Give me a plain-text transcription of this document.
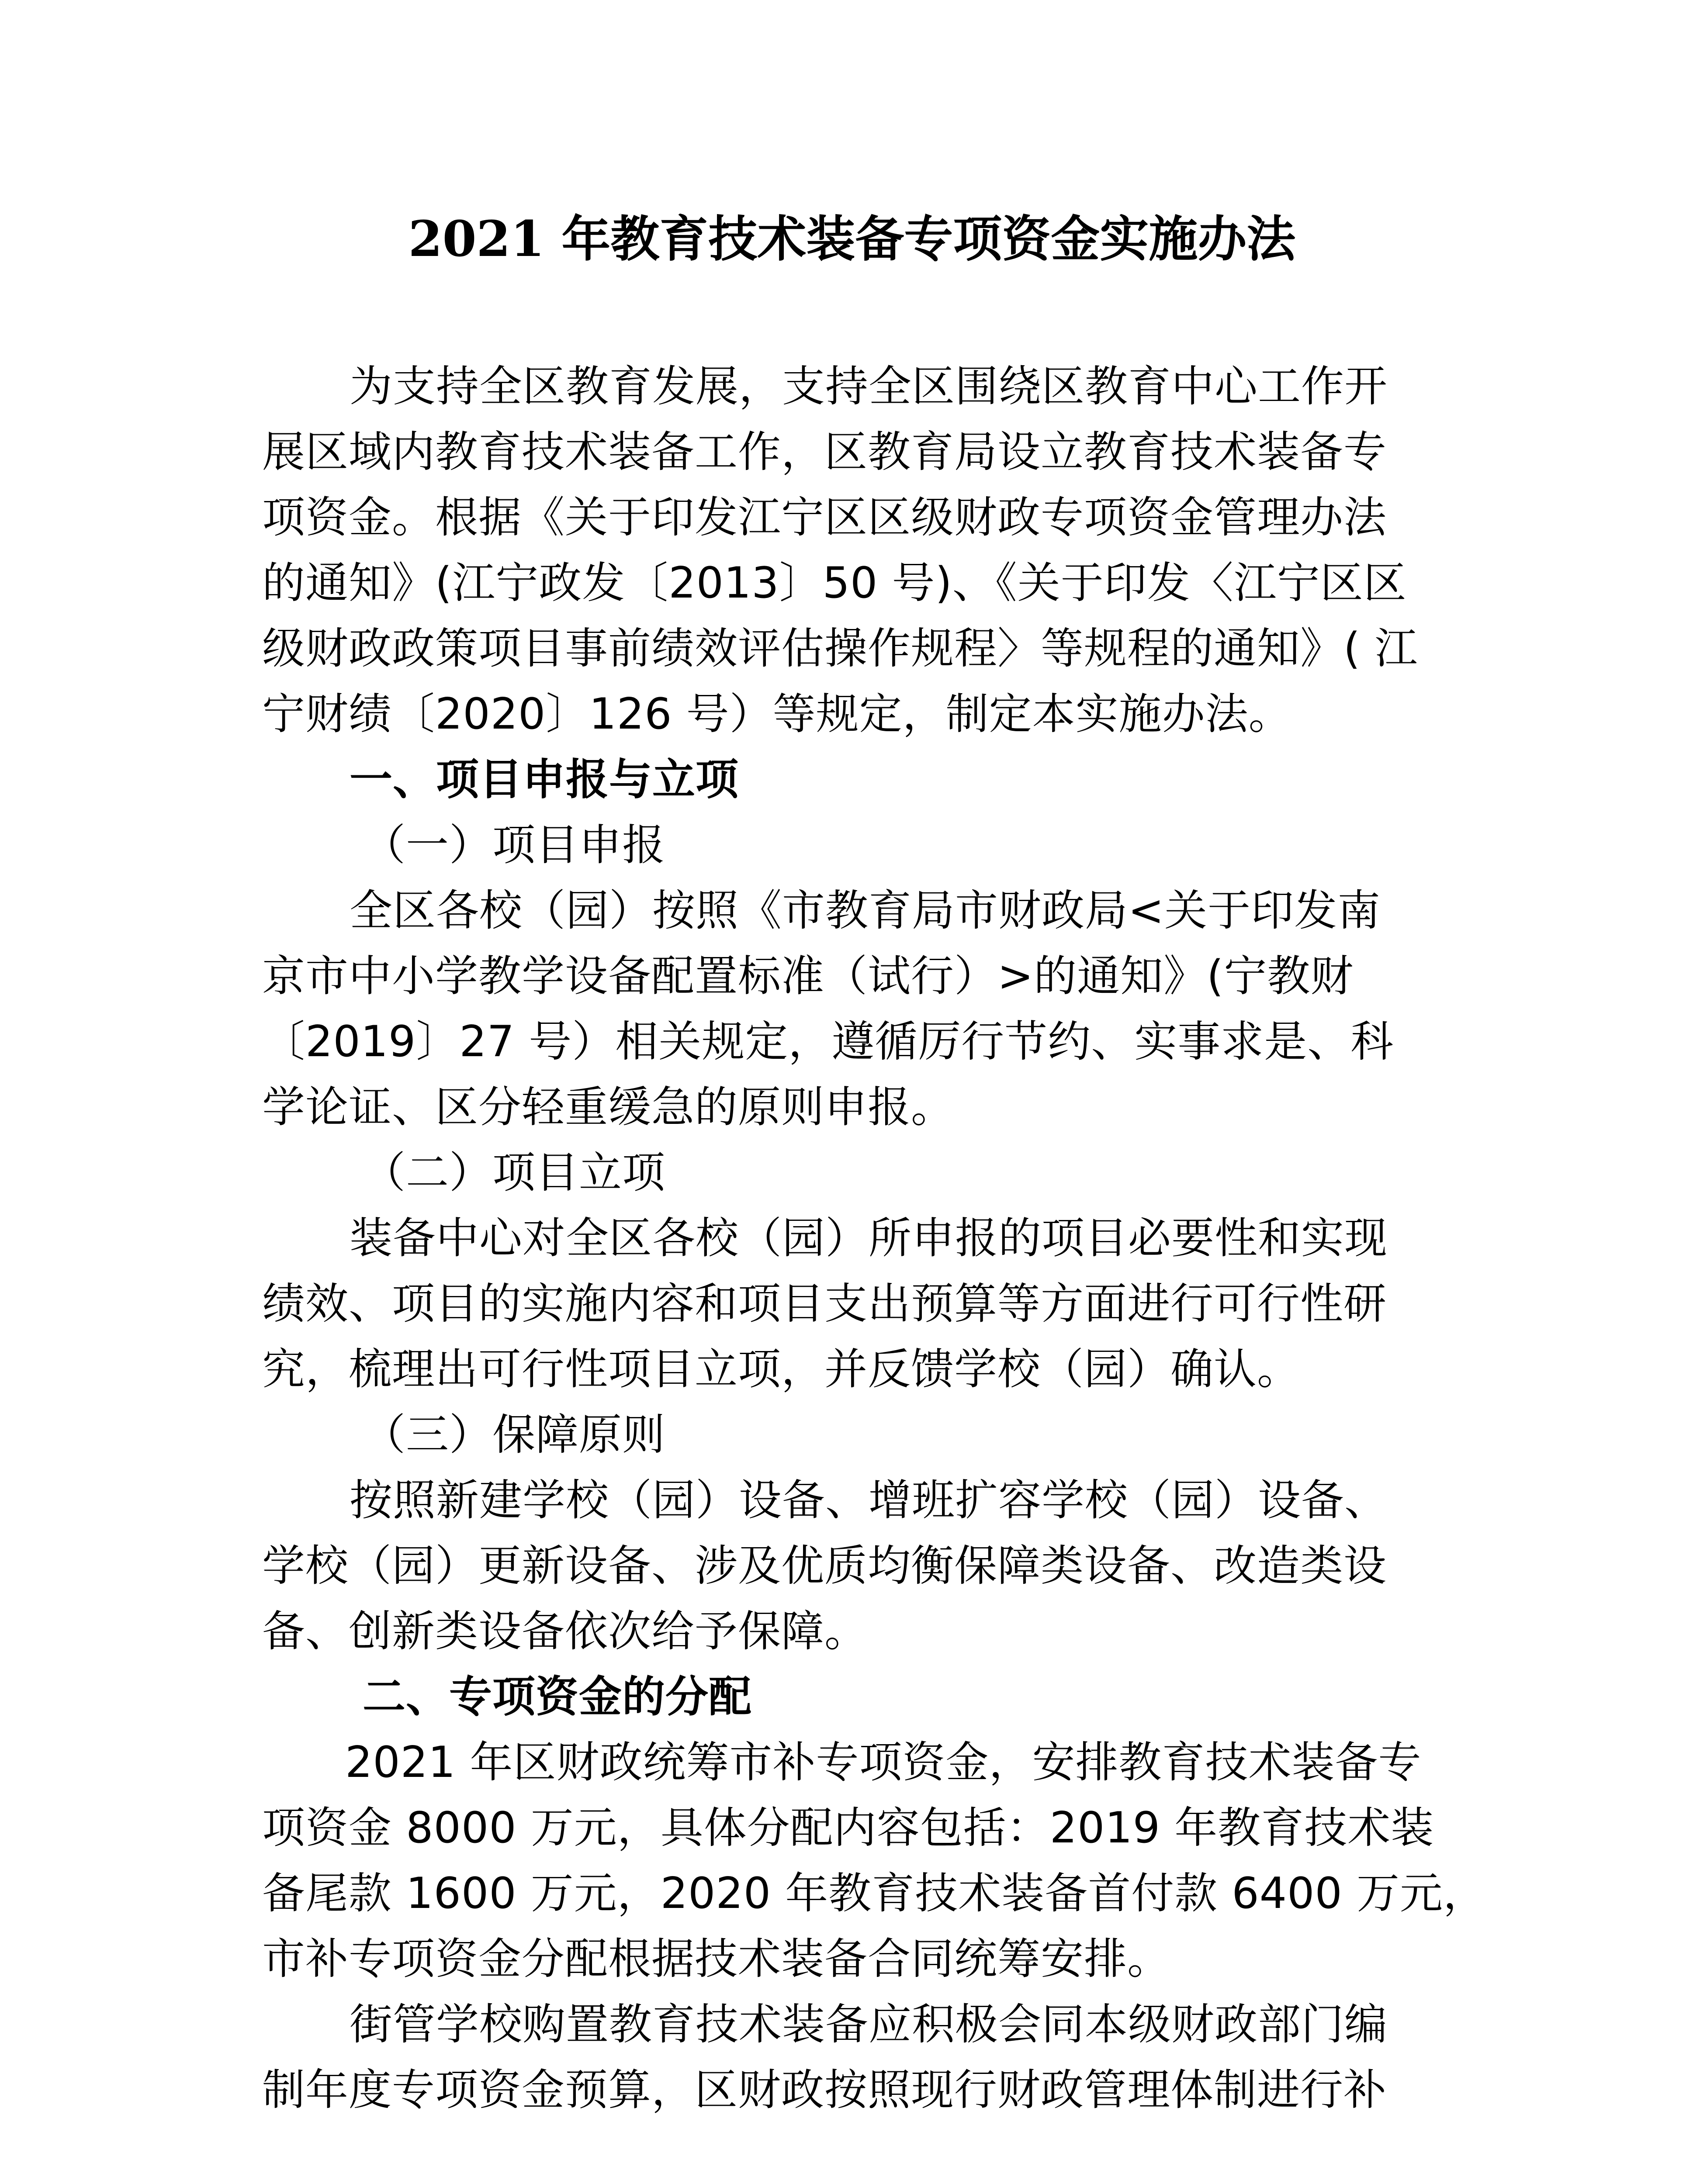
2021 年教育技术装备专项资金实施办法
为支持全区教育发展，支持全区围绕区教育中心工作开
展区域内教育技术装备工作，区教育局设立教育技术装备专
项资金。根据《关于印发江宁区区级财政专项资金管理办法
的通知》(江宁政发〔2013〕50 号)、《关于印发〈江宁区区
级财政政策项目事前绩效评估操作规程〉等规程的通知》( 江
宁财绩〔2020〕126 号）等规定，制定本实施办法。
一、项目申报与立项
（一）项目申报
全区各校（园）按照《市教育局市财政局<关于印发南
京市中小学教学设备配置标准（试行）>的通知》(宁教财
〔2019〕27 号）相关规定，遵循厉行节约、实事求是、科
学论证、区分轻重缓急的原则申报。
（二）项目立项
装备中心对全区各校（园）所申报的项目必要性和实现
绩效、项目的实施内容和项目支出预算等方面进行可行性研
究，梳理出可行性项目立项，并反馈学校（园）确认。
（三）保障原则
按照新建学校（园）设备、增班扩容学校（园）设备、
学校（园）更新设备、涉及优质均衡保障类设备、改造类设
备、创新类设备依次给予保障。
二、专项资金的分配
2021 年区财政统筹市补专项资金，安排教育技术装备专
项资金 8000 万元，具体分配内容包括：2019 年教育技术装
备尾款 1600 万元，2020 年教育技术装备首付款 6400 万元，
市补专项资金分配根据技术装备合同统筹安排。
街管学校购置教育技术装备应积极会同本级财政部门编
制年度专项资金预算，区财政按照现行财政管理体制进行补
